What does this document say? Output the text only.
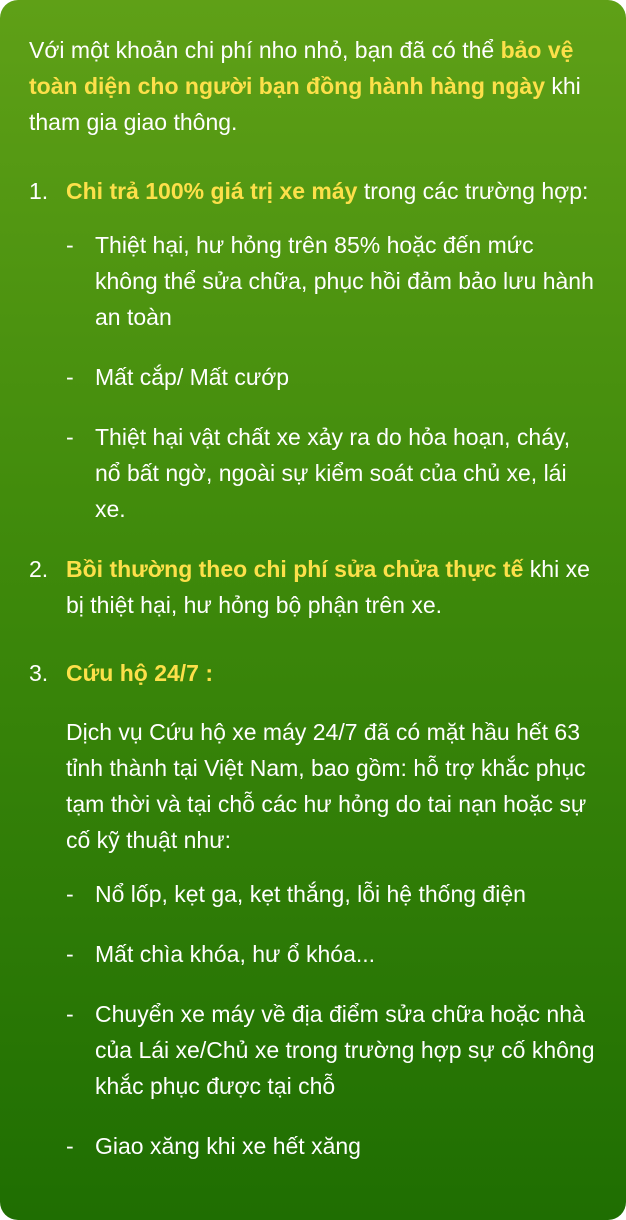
Với một khoản chi phí nho nhỏ, bạn đã có thể bảo vệ toàn diện cho người bạn đồng hành hàng ngày khi tham gia giao thông.

1. Chi trả 100% giá trị xe máy trong các trường hợp:

- Thiệt hại, hư hỏng trên 85% hoặc đến mức không thể sửa chữa, phục hồi đảm bảo lưu hành an toàn
- Mất cắp/ Mất cướp
- Thiệt hại vật chất xe xảy ra do hỏa hoạn, cháy, nổ bất ngờ, ngoài sự kiểm soát của chủ xe, lái xe.
2. Bồi thường theo chi phí sửa chửa thực tế khi xe bị thiệt hại, hư hỏng bộ phận trên xe.

3. Cứu hộ 24/7 :

Dịch vụ Cứu hộ xe máy 24/7 đã có mặt hầu hết 63 tỉnh thành tại Việt Nam, bao gồm: hỗ trợ khắc phục tạm thời và tại chỗ các hư hỏng do tai nạn hoặc sự cố kỹ thuật như:

- Nổ lốp, kẹt ga, kẹt thắng, lỗi hệ thống điện
- Mất chìa khóa, hư ổ khóa...
- Chuyển xe máy về địa điểm sửa chữa hoặc nhà của Lái xe/Chủ xe trong trường hợp sự cố không khắc phục được tại chỗ
- Giao xăng khi xe hết xăng
